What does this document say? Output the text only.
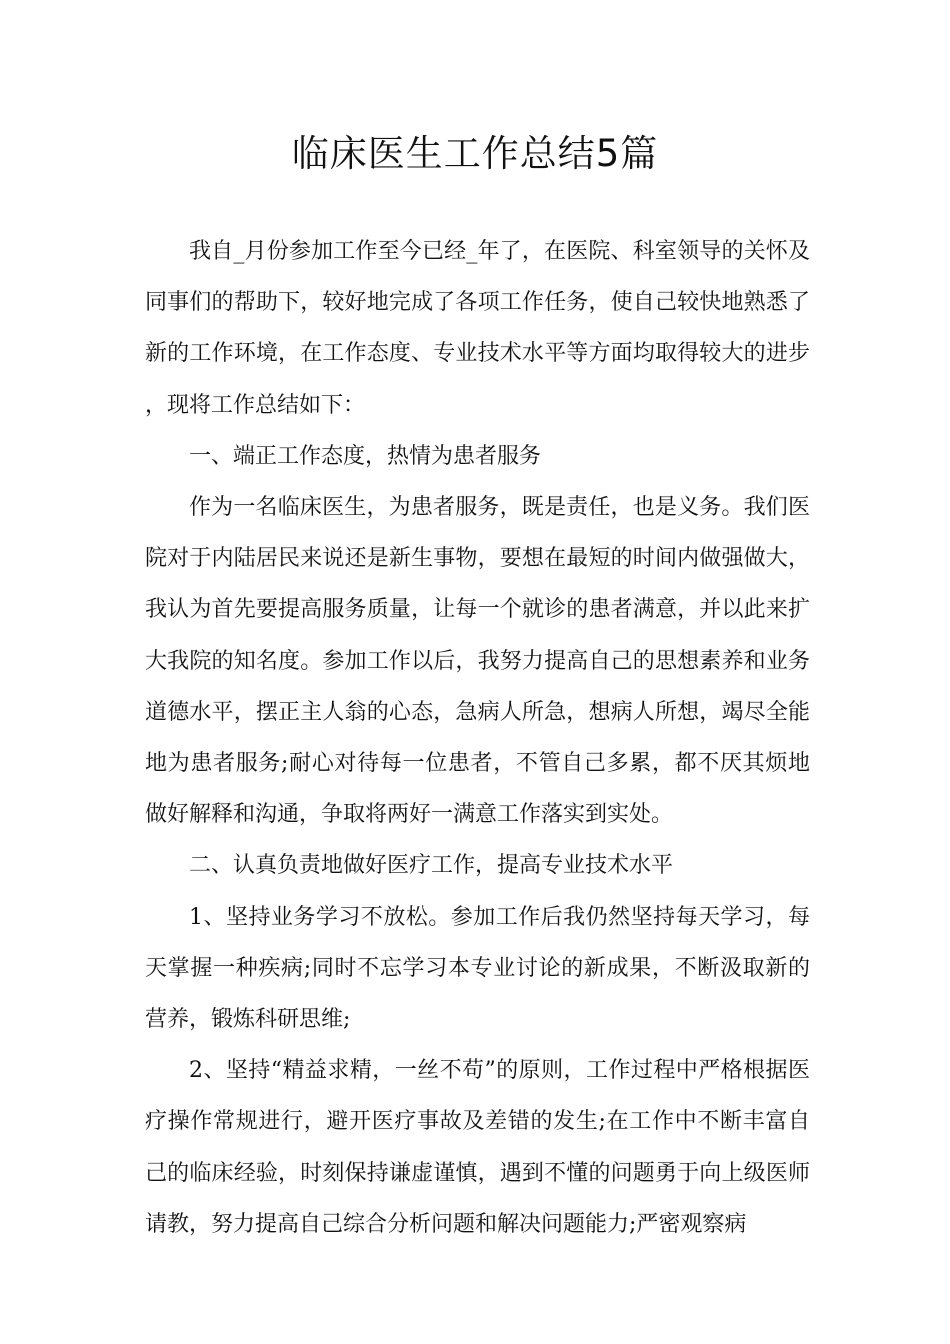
临床医生工作总结5篇

我自_月份参加工作至今已经_年了，在医院、科室领导的关怀及同事们的帮助下，较好地完成了各项工作任务，使自己较快地熟悉了新的工作环境，在工作态度、专业技术水平等方面均取得较大的进步，现将工作总结如下：

一、端正工作态度，热情为患者服务

作为一名临床医生，为患者服务，既是责任，也是义务。我们医院对于内陆居民来说还是新生事物，要想在最短的时间内做强做大，我认为首先要提高服务质量，让每一个就诊的患者满意，并以此来扩大我院的知名度。参加工作以后，我努力提高自己的思想素养和业务道德水平，摆正主人翁的心态，急病人所急，想病人所想，竭尽全能地为患者服务;耐心对待每一位患者，不管自己多累，都不厌其烦地做好解释和沟通，争取将两好一满意工作落实到实处。

二、认真负责地做好医疗工作，提高专业技术水平

1、坚持业务学习不放松。参加工作后我仍然坚持每天学习，每天掌握一种疾病;同时不忘学习本专业讨论的新成果，不断汲取新的营养，锻炼科研思维;

2、坚持“精益求精，一丝不苟”的原则，工作过程中严格根据医疗操作常规进行，避开医疗事故及差错的发生;在工作中不断丰富自己的临床经验，时刻保持谦虚谨慎，遇到不懂的问题勇于向上级医师请教，努力提高自己综合分析问题和解决问题能力;严密观察病
